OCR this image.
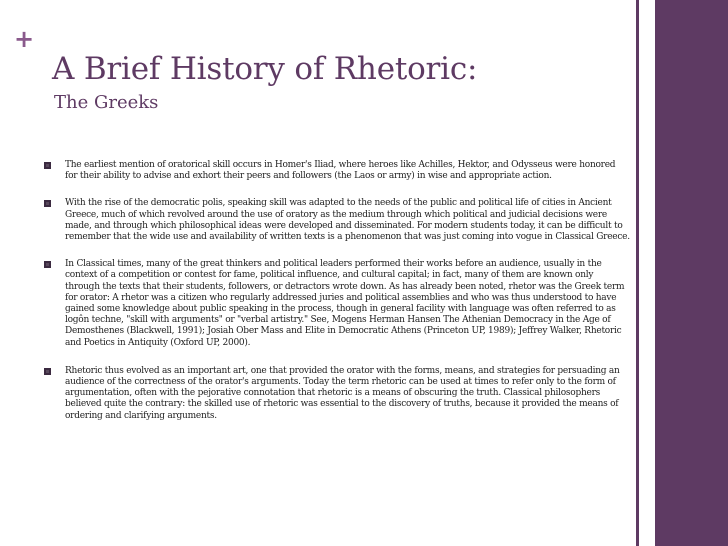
+
A Brief History of Rhetoric:
The Greeks
The earliest mention of oratorical skill occurs in Homer's Iliad, where heroes like Achilles, Hektor, and Odysseus were honored for their ability to advise and exhort their peers and followers (the Laos or army) in wise and appropriate action.
With the rise of the democratic polis, speaking skill was adapted to the needs of the public and political life of cities in Ancient Greece, much of which revolved around the use of oratory as the medium through which political and judicial decisions were made, and through which philosophical ideas were developed and disseminated. For modern students today, it can be difficult to remember that the wide use and availability of written texts is a phenomenon that was just coming into vogue in Classical Greece.
In Classical times, many of the great thinkers and political leaders performed their works before an audience, usually in the context of a competition or contest for fame, political influence, and cultural capital; in fact, many of them are known only through the texts that their students, followers, or detractors wrote down. As has already been noted, rhetor was the Greek term for orator: A rhetor was a citizen who regularly addressed juries and political assemblies and who was thus understood to have gained some knowledge about public speaking in the process, though in general facility with language was often referred to as logôn techne, "skill with arguments" or "verbal artistry." See, Mogens Herman Hansen The Athenian Democracy in the Age of Demosthenes (Blackwell, 1991); Josiah Ober Mass and Elite in Democratic Athens (Princeton UP, 1989); Jeffrey Walker, Rhetoric and Poetics in Antiquity (Oxford UP, 2000).
Rhetoric thus evolved as an important art, one that provided the orator with the forms, means, and strategies for persuading an audience of the correctness of the orator's arguments. Today the term rhetoric can be used at times to refer only to the form of argumentation, often with the pejorative connotation that rhetoric is a means of obscuring the truth. Classical philosophers believed quite the contrary: the skilled use of rhetoric was essential to the discovery of truths, because it provided the means of ordering and clarifying arguments.
